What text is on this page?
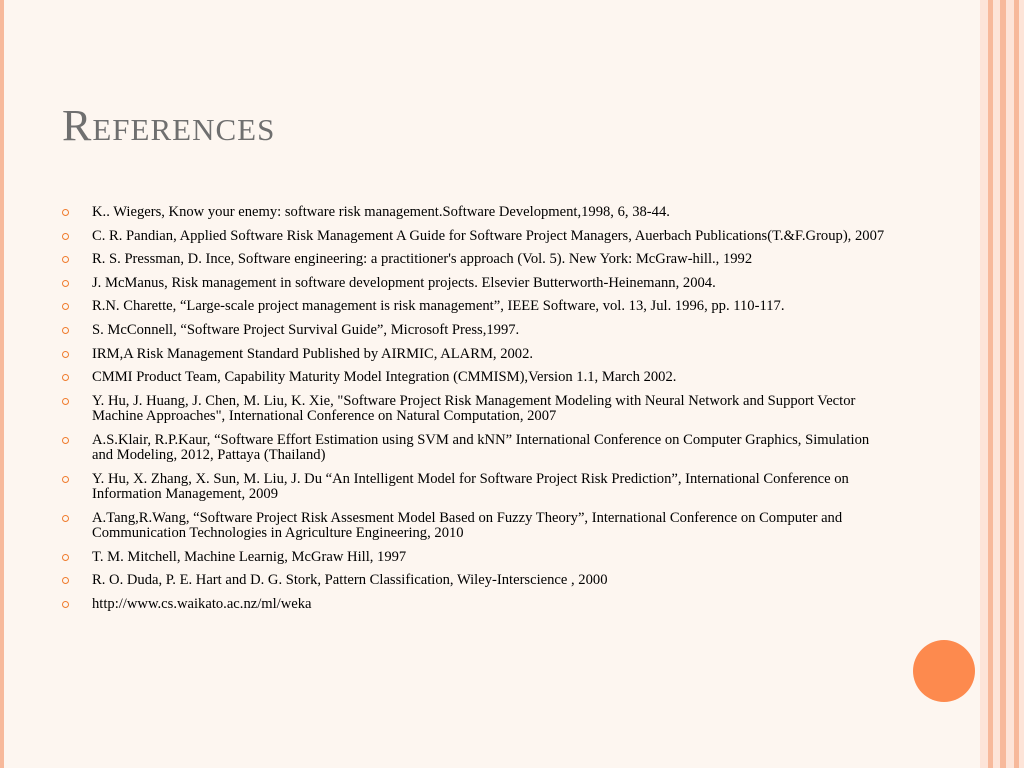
References
K.. Wiegers, Know your enemy: software risk management.Software Development,1998, 6, 38-44.
C. R. Pandian, Applied Software Risk Management A Guide for Software Project Managers, Auerbach Publications(T.&F.Group), 2007
R. S. Pressman, D. Ince, Software engineering: a practitioner's approach (Vol. 5). New York: McGraw-hill., 1992
J. McManus, Risk management in software development projects. Elsevier Butterworth-Heinemann, 2004.
R.N. Charette, “Large-scale project management is risk management”, IEEE Software, vol. 13, Jul. 1996, pp. 110-117.
S. McConnell, “Software Project Survival Guide”, Microsoft Press,1997.
IRM,A Risk Management Standard Published by AIRMIC, ALARM, 2002.
CMMI Product Team, Capability Maturity Model Integration (CMMISM),Version 1.1, March 2002.
Y. Hu, J. Huang, J. Chen, M. Liu, K. Xie, "Software Project Risk Management Modeling with Neural Network and Support Vector Machine Approaches", International Conference on Natural Computation, 2007
A.S.Klair, R.P.Kaur, “Software Effort Estimation using SVM and kNN” International Conference on Computer Graphics, Simulation and Modeling, 2012, Pattaya (Thailand)
Y. Hu, X. Zhang, X. Sun, M. Liu, J. Du “An Intelligent Model for Software Project Risk Prediction”, International Conference on Information Management, 2009
A.Tang,R.Wang, “Software Project Risk Assesment Model Based on Fuzzy Theory”, International Conference on Computer and Communication Technologies in Agriculture Engineering, 2010
T. M. Mitchell, Machine Learnig, McGraw Hill, 1997
R. O. Duda, P. E. Hart and D. G. Stork, Pattern Classification, Wiley-Interscience , 2000
http://www.cs.waikato.ac.nz/ml/weka
